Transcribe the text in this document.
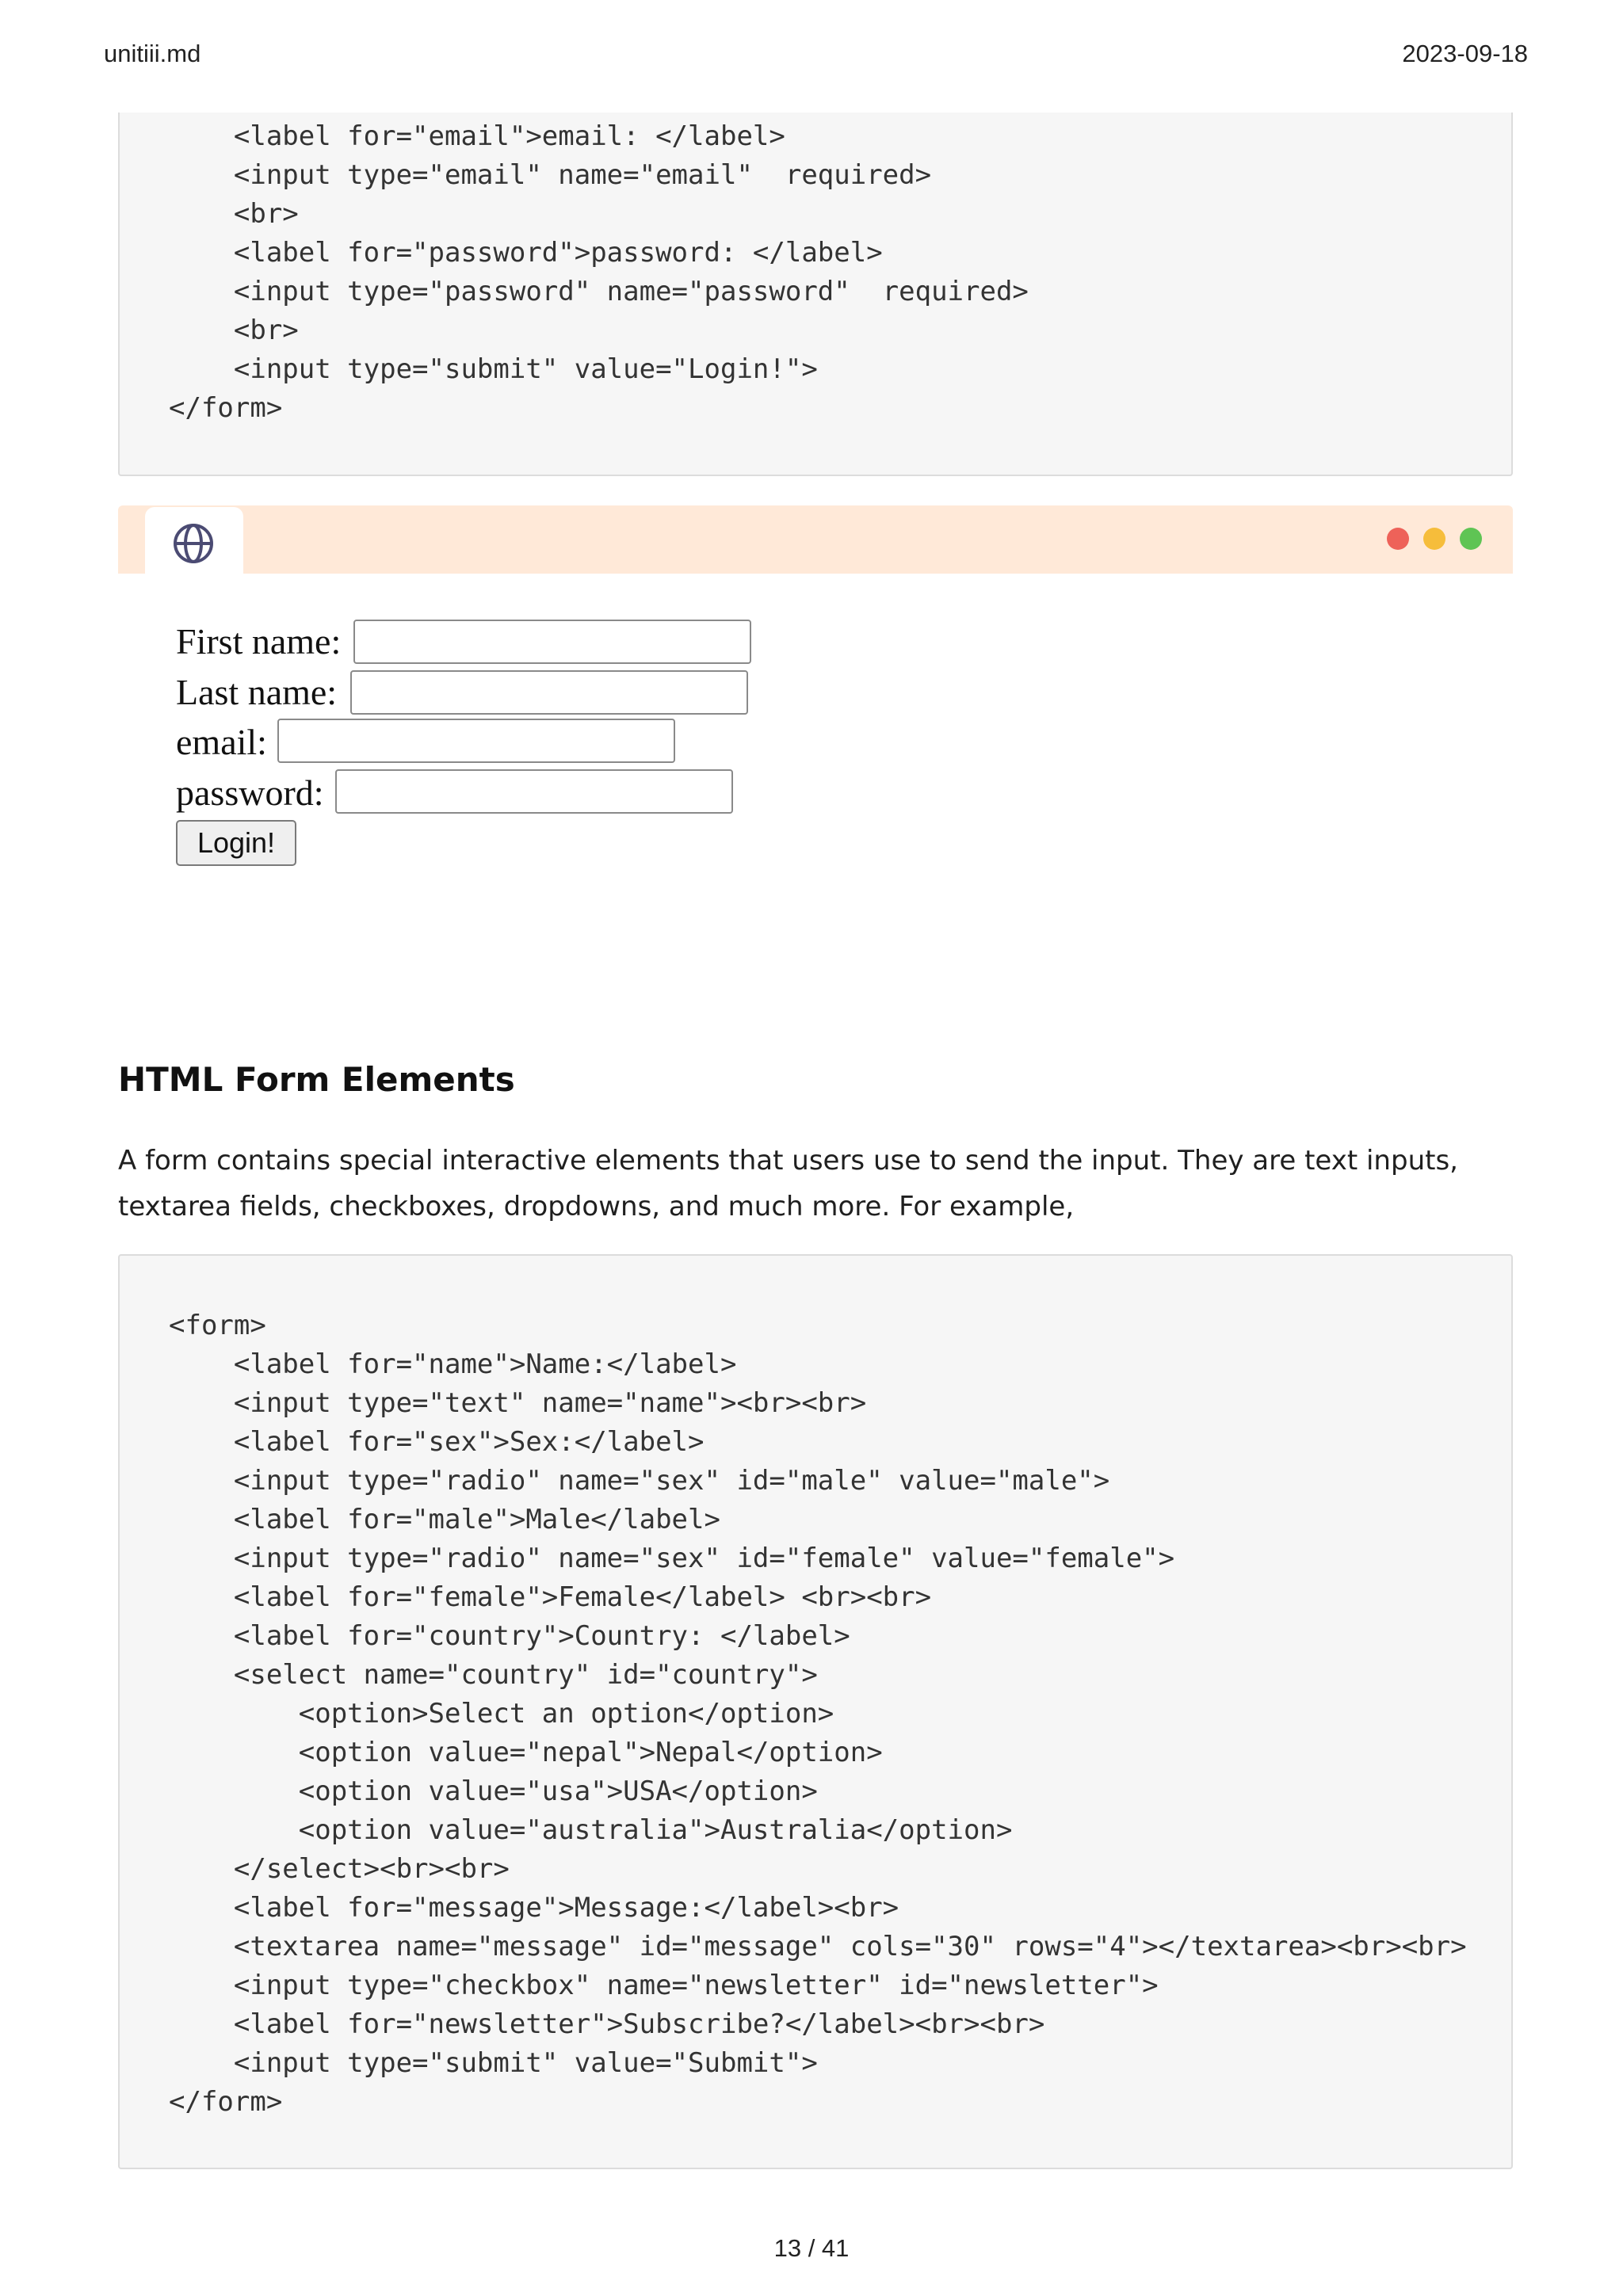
unitiii.md	2023-09-18
<label for="email">email: </label>
<input type="email" name="email"  required>
<br>
<label for="password">password: </label>
<input type="password" name="password"  required>
<br>
<input type="submit" value="Login!">
</form>
First name:
Last name:
email:
password:
Login!
HTML Form Elements

A form contains special interactive elements that users use to send the input. They are text inputs, textarea fields, checkboxes, dropdowns, and much more. For example,

<form>
<label for="name">Name:</label>
<input type="text" name="name"><br><br>
<label for="sex">Sex:</label>
<input type="radio" name="sex" id="male" value="male">
<label for="male">Male</label>
<input type="radio" name="sex" id="female" value="female">
<label for="female">Female</label> <br><br>
<label for="country">Country: </label>
<select name="country" id="country">
<option>Select an option</option>
<option value="nepal">Nepal</option>
<option value="usa">USA</option>
<option value="australia">Australia</option>
</select><br><br>
<label for="message">Message:</label><br>
<textarea name="message" id="message" cols="30" rows="4"></textarea><br><br>
<input type="checkbox" name="newsletter" id="newsletter">
<label for="newsletter">Subscribe?</label><br><br>
<input type="submit" value="Submit">
</form>
13 / 41
